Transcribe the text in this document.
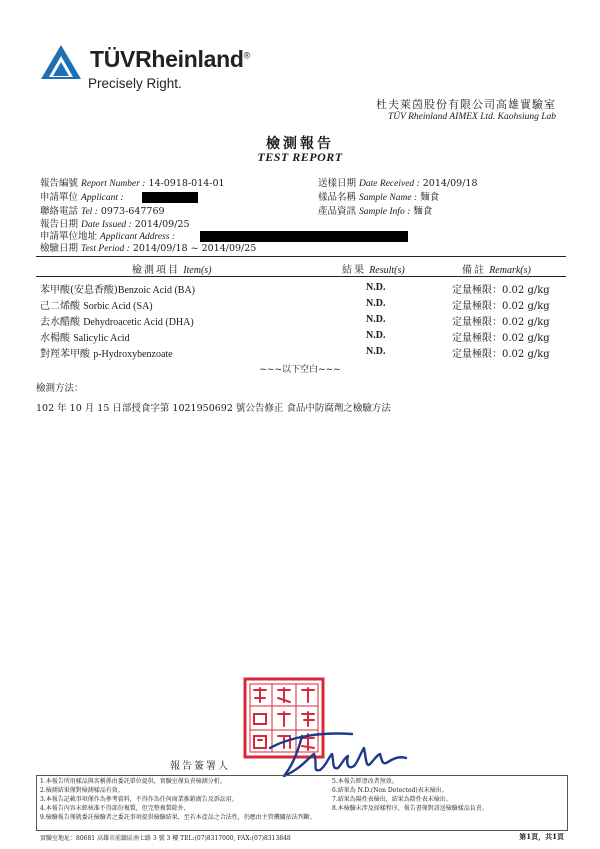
TÜVRheinland®
Precisely Right.
杜夫萊茵股份有限公司高雄實驗室
TÜV Rheinland AIMEX Ltd. Kaohsiung Lab
檢測報告
TEST REPORT
報告編號 Report Number : 14-0918-014-01
申請單位 Applicant :
聯絡電話 Tel : 0973-647769
報告日期 Date Issued : 2014/09/25
申請單位地址 Applicant Address :
檢驗日期 Test Period : 2014/09/18 ~ 2014/09/25
送樣日期 Date Received : 2014/09/18
樣品名稱 Sample Name : 麵食
產品資訊 Sample Info : 麵食
檢測項目 Item(s)	結果 Result(s)	備註 Remark(s)
苯甲酸(安息香酸)Benzoic Acid (BA)	N.D.	定量極限：0.02 g/kg
己二烯酸 Sorbic Acid (SA)	N.D.	定量極限：0.02 g/kg
去水醋酸 Dehydroacetic Acid (DHA)	N.D.	定量極限：0.02 g/kg
水楊酸 Salicylic Acid	N.D.	定量極限：0.02 g/kg
對羥苯甲酸 p-Hydroxybenzoate	N.D.	定量極限：0.02 g/kg
~~~以下空白~~~
檢測方法：
102 年 10 月 15 日部授食字第 1021950692 號公告修正 食品中防腐劑之檢驗方法
報告簽署人
1.本報告所用樣品與名稱係由委託單位提供，實驗室僅負責檢測分析。
2.檢測結果僅對檢測樣品有效。
3.本報告記載事項僅作為參考資料，不得作為任何商業推銷廣告及訴訟用。
4.本報告內容未經核准不得部份複製，但完整複製除外。
9.檢驗報告僅就委託檢驗者之委託事項提供檢驗結果，至若本產品之合法性，仍應由主管機關依法判斷。
5.本報告經塗改者無效。
6.結果為 N.D.(Non Detected)表未檢出。
7.結果為陽性表檢出，結果為陰性表未檢出。
8.本檢驗未涉及採樣程序，報告書僅對該送檢驗樣品負責。
實驗室地址：80681 高雄市前鎮區南七路 3 號 3 樓 TEL:(07)8317000, FAX:(07)8313848	第1頁，共1頁
